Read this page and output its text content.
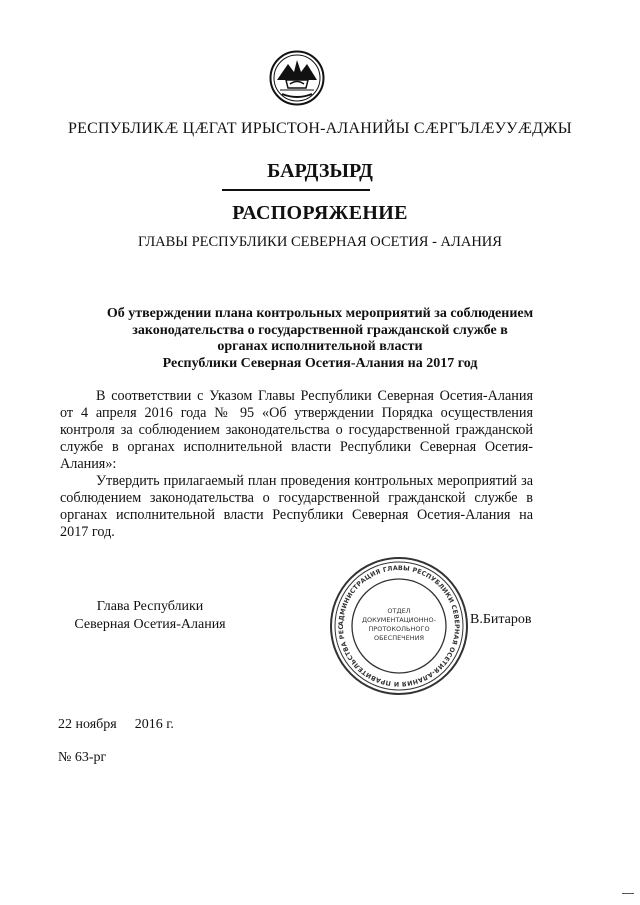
РЕСПУБЛИКӔ ЦӔГАТ ИРЫСТОН-АЛАНИЙЫ СӔРГЪЛӔУУӔДЖЫ
БАРДЗЫРД
РАСПОРЯЖЕНИЕ
ГЛАВЫ РЕСПУБЛИКИ СЕВЕРНАЯ ОСЕТИЯ - АЛАНИЯ
Об утверждении плана контрольных мероприятий за соблюдением
законодательства о государственной гражданской службе в
органах исполнительной власти
Республики Северная Осетия-Алания на 2017 год

В соответствии с Указом Главы Республики Северная Осетия-Алания от 4 апреля 2016 года № 95 «Об утверждении Порядка осуществления контроля за соблюдением законодательства о государственной гражданской службе в органах исполнительной власти Республики Северная Осетия-Алания»:

Утвердить прилагаемый план проведения контрольных мероприятий за соблюдением законодательства о государственной гражданской службе в органах исполнительной власти Республики Северная Осетия-Алания на 2017 год.

Глава Республики
Северная Осетия-Алания	АДМИНИСТРАЦИЯ ГЛАВЫ РЕСПУБЛИКИ СЕВЕРНАЯ ОСЕТИЯ-АЛАНИЯ И ПРАВИТЕЛЬСТВА РЕС
ОТДЕЛ
ДОКУМЕНТАЦИОННО-
ПРОТОКОЛЬНОГО
ОБЕСПЕЧЕНИЯ
В.Битаров
22 ноября 2016 г.
№ 63-рг
